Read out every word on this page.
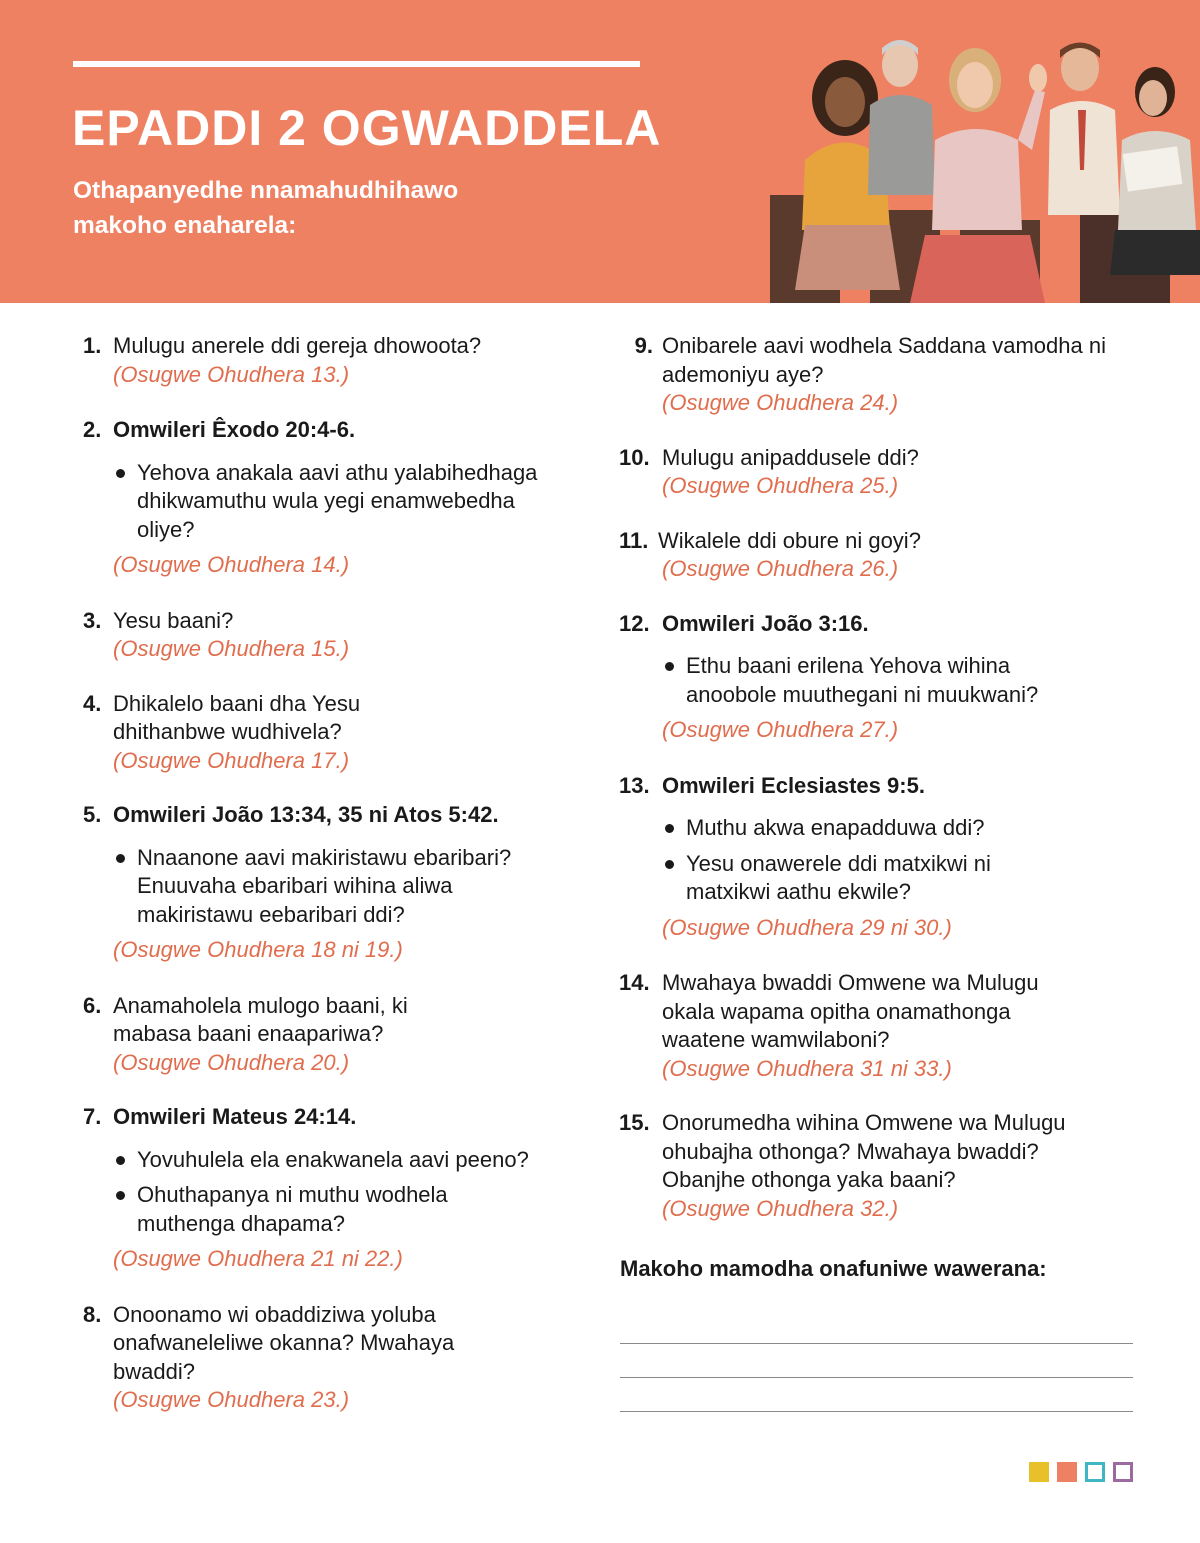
EPADDI 2 OGWADDELA

Othapanyedhe nnamahudhihawo makoho enaharela:

1. Mulugu anerele ddi gereja dhowoota?
(Osugwe Ohudhera 13.)
2. Omwileri Êxodo 20:4-6.
Yehova anakala aavi athu yalabihedhaga dhikwamuthu wula yegi enamwebedha oliye?
(Osugwe Ohudhera 14.)
3. Yesu baani?
(Osugwe Ohudhera 15.)
4. Dhikalelo baani dha Yesu dhithanbwe wudhivela?
(Osugwe Ohudhera 17.)
5. Omwileri João 13:34, 35 ni Atos 5:42.
Nnaanone aavi makiristawu ebaribari? Enuuvaha ebaribari wihina aliwa makiristawu eebaribari ddi?
(Osugwe Ohudhera 18 ni 19.)
6. Anamaholela mulogo baani, ki mabasa baani enaapariwa?
(Osugwe Ohudhera 20.)
7. Omwileri Mateus 24:14.
Yovuhulela ela enakwanela aavi peeno?
Ohuthapanya ni muthu wodhela muthenga dhapama?
(Osugwe Ohudhera 21 ni 22.)
8. Onoonamo wi obaddiziwa yoluba onafwaneleliwe okanna? Mwahaya bwaddi?
(Osugwe Ohudhera 23.)
9. Onibarele aavi wodhela Saddana vamodha ni ademoniyu aye?
(Osugwe Ohudhera 24.)
10. Mulugu anipaddusele ddi?
(Osugwe Ohudhera 25.)
11. Wikalele ddi obure ni goyi?
(Osugwe Ohudhera 26.)
12. Omwileri João 3:16.
Ethu baani erilena Yehova wihina anoobole muuthegani ni muukwani?
(Osugwe Ohudhera 27.)
13. Omwileri Eclesiastes 9:5.
Muthu akwa enapadduwa ddi?
Yesu onawerele ddi matxikwi ni matxikwi aathu ekwile?
(Osugwe Ohudhera 29 ni 30.)
14. Mwahaya bwaddi Omwene wa Mulugu okala wapama opitha onamathonga waatene wamwilaboni?
(Osugwe Ohudhera 31 ni 33.)
15. Onorumedha wihina Omwene wa Mulugu ohubajha othonga? Mwahaya bwaddi? Obanjhe othonga yaka baani?
(Osugwe Ohudhera 32.)

Makoho mamodha onafuniwe wawerana:
